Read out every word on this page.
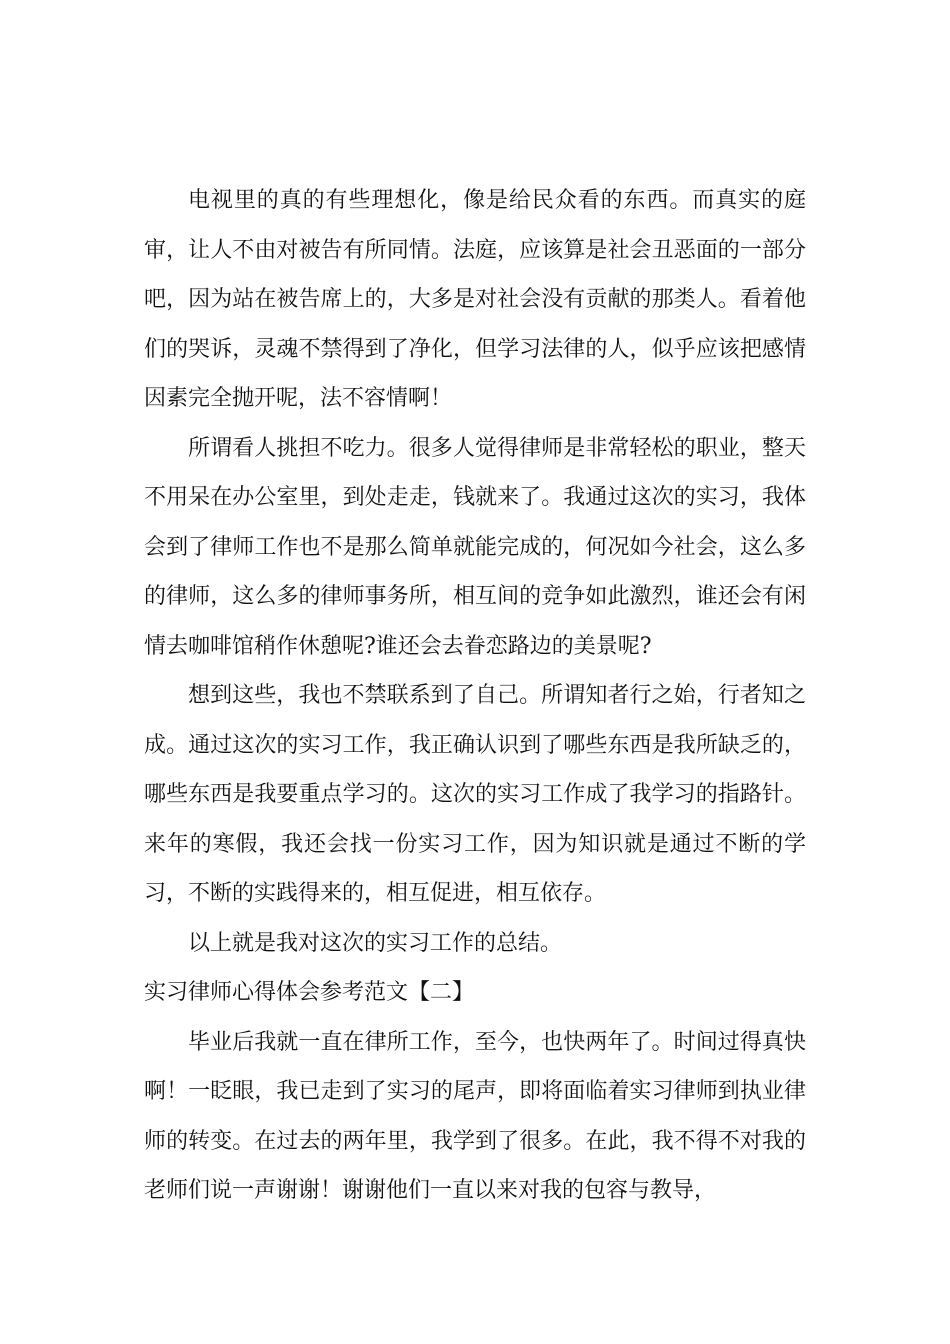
电视里的真的有些理想化，像是给民众看的东西。而真实的庭审，让人不由对被告有所同情。法庭，应该算是社会丑恶面的一部分吧，因为站在被告席上的，大多是对社会没有贡献的那类人。看着他们的哭诉，灵魂不禁得到了净化，但学习法律的人，似乎应该把感情因素完全抛开呢，法不容情啊！

所谓看人挑担不吃力。很多人觉得律师是非常轻松的职业，整天不用呆在办公室里，到处走走，钱就来了。我通过这次的实习，我体会到了律师工作也不是那么简单就能完成的，何况如今社会，这么多的律师，这么多的律师事务所，相互间的竞争如此激烈，谁还会有闲情去咖啡馆稍作休憩呢?谁还会去眷恋路边的美景呢?

想到这些，我也不禁联系到了自己。所谓知者行之始，行者知之成。通过这次的实习工作，我正确认识到了哪些东西是我所缺乏的，哪些东西是我要重点学习的。这次的实习工作成了我学习的指路针。来年的寒假，我还会找一份实习工作，因为知识就是通过不断的学习，不断的实践得来的，相互促进，相互依存。

以上就是我对这次的实习工作的总结。

实习律师心得体会参考范文【二】

毕业后我就一直在律所工作，至今，也快两年了。时间过得真快啊！一眨眼，我已走到了实习的尾声，即将面临着实习律师到执业律师的转变。在过去的两年里，我学到了很多。在此，我不得不对我的老师们说一声谢谢！谢谢他们一直以来对我的包容与教导，
